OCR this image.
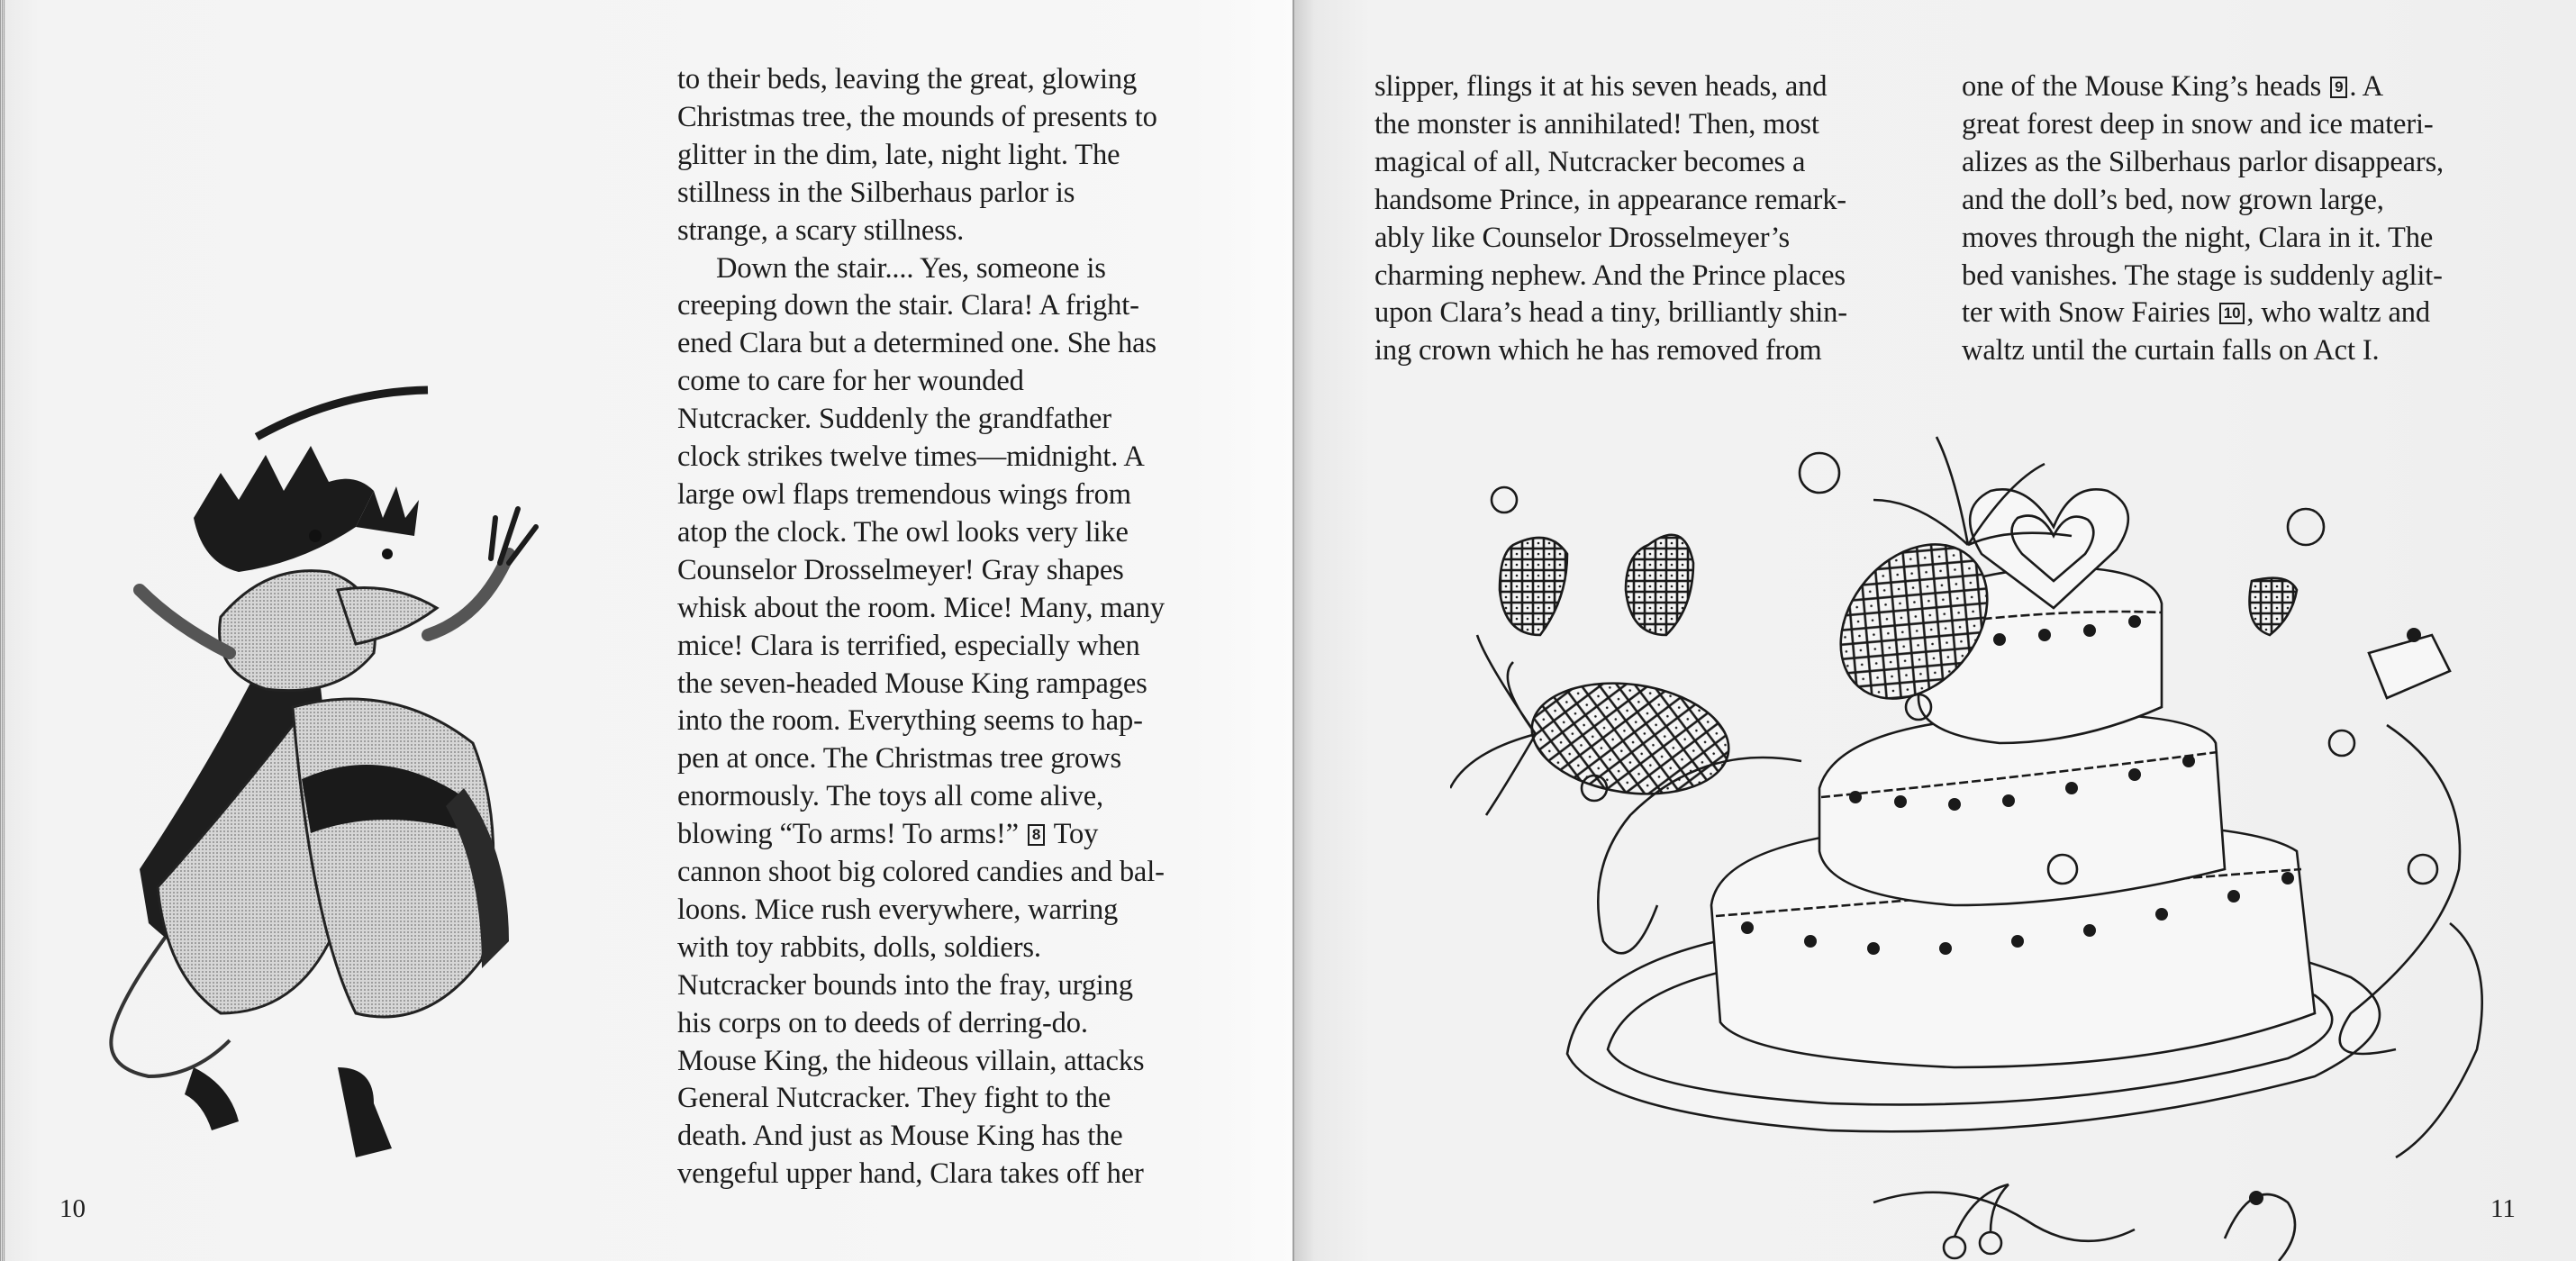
to their beds, leaving the great, glowing

Christmas tree, the mounds of presents to

glitter in the dim, late, night light. The

stillness in the Silberhaus parlor is

strange, a scary stillness.

Down the stair.... Yes, someone is

creeping down the stair. Clara! A fright-

ened Clara but a determined one. She has

come to care for her wounded

Nutcracker. Suddenly the grandfather

clock strikes twelve times—midnight. A

large owl flaps tremendous wings from

atop the clock. The owl looks very like

Counselor Drosselmeyer! Gray shapes

whisk about the room. Mice! Many, many

mice! Clara is terrified, especially when

the seven-headed Mouse King rampages

into the room. Everything seems to hap-

pen at once. The Christmas tree grows

enormously. The toys all come alive,

blowing “To arms! To arms!” 8 Toy

cannon shoot big colored candies and bal-

loons. Mice rush everywhere, warring

with toy rabbits, dolls, soldiers.

Nutcracker bounds into the fray, urging

his corps on to deeds of derring-do.

Mouse King, the hideous villain, attacks

General Nutcracker. They fight to the

death. And just as Mouse King has the

vengeful upper hand, Clara takes off her

10

slipper, flings it at his seven heads, and

the monster is annihilated! Then, most

magical of all, Nutcracker becomes a

handsome Prince, in appearance remark-

ably like Counselor Drosselmeyer’s

charming nephew. And the Prince places

upon Clara’s head a tiny, brilliantly shin-

ing crown which he has removed from

one of the Mouse King’s heads 9 . A

great forest deep in snow and ice materi-

alizes as the Silberhaus parlor disappears,

and the doll’s bed, now grown large,

moves through the night, Clara in it. The

bed vanishes. The stage is suddenly aglit-

ter with Snow Fairies 10 , who waltz and

waltz until the curtain falls on Act I.

11
